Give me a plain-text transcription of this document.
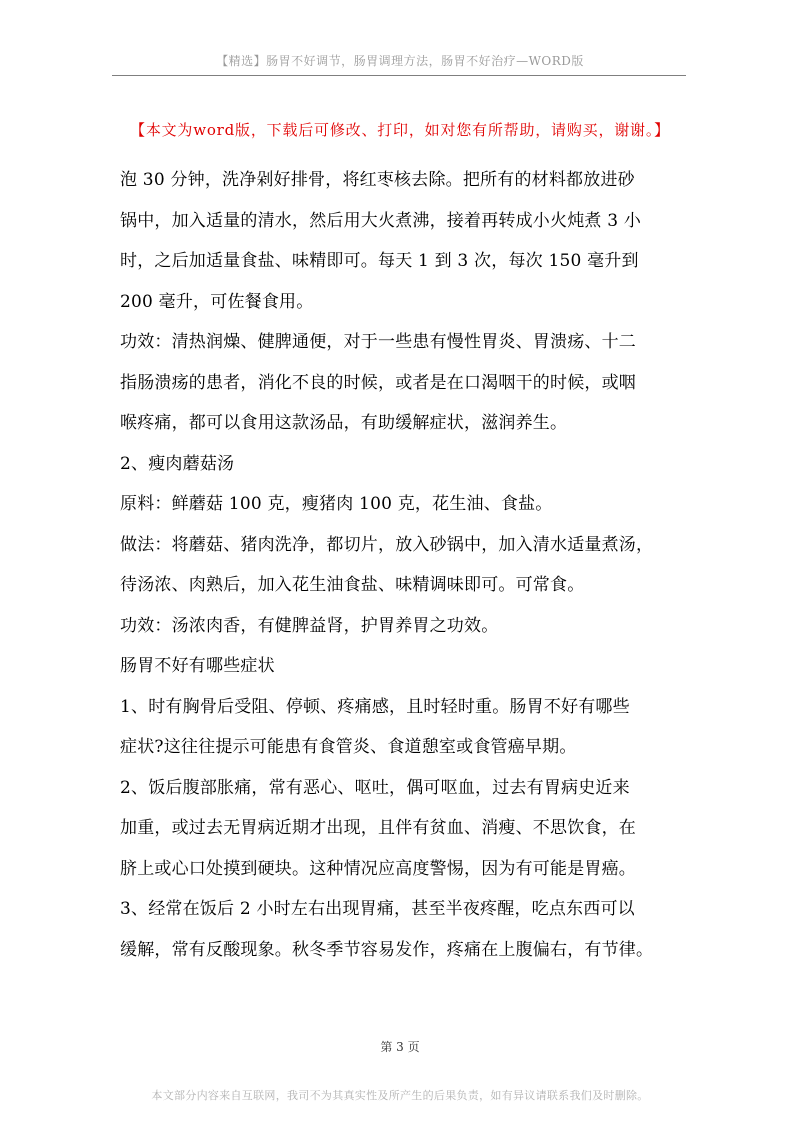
【精选】肠胃不好调节，肠胃调理方法，肠胃不好治疗—WORD版
【本文为word版，下载后可修改、打印，如对您有所帮助，请购买，谢谢。】

泡 30 分钟，洗净剁好排骨，将红枣核去除。把所有的材料都放进砂

锅中，加入适量的清水，然后用大火煮沸，接着再转成小火炖煮 3 小

时，之后加适量食盐、味精即可。每天 1 到 3 次，每次 150 毫升到

200 毫升，可佐餐食用。

功效：清热润燥、健脾通便，对于一些患有慢性胃炎、胃溃疡、十二

指肠溃疡的患者，消化不良的时候，或者是在口渴咽干的时候，或咽

喉疼痛，都可以食用这款汤品，有助缓解症状，滋润养生。

2、瘦肉蘑菇汤

原料：鲜蘑菇 100 克，瘦猪肉 100 克，花生油、食盐。

做法：将蘑菇、猪肉洗净，都切片，放入砂锅中，加入清水适量煮汤，

待汤浓、肉熟后，加入花生油食盐、味精调味即可。可常食。

功效：汤浓肉香，有健脾益肾，护胃养胃之功效。

肠胃不好有哪些症状

1、时有胸骨后受阻、停顿、疼痛感，且时轻时重。肠胃不好有哪些

症状?这往往提示可能患有食管炎、食道憩室或食管癌早期。

2、饭后腹部胀痛，常有恶心、呕吐，偶可呕血，过去有胃病史近来

加重，或过去无胃病近期才出现，且伴有贫血、消瘦、不思饮食，在

脐上或心口处摸到硬块。这种情况应高度警惕，因为有可能是胃癌。

3、经常在饭后 2 小时左右出现胃痛，甚至半夜疼醒，吃点东西可以

缓解，常有反酸现象。秋冬季节容易发作，疼痛在上腹偏右，有节律。

第 3 页
本文部分内容来自互联网，我司不为其真实性及所产生的后果负责，如有异议请联系我们及时删除。
